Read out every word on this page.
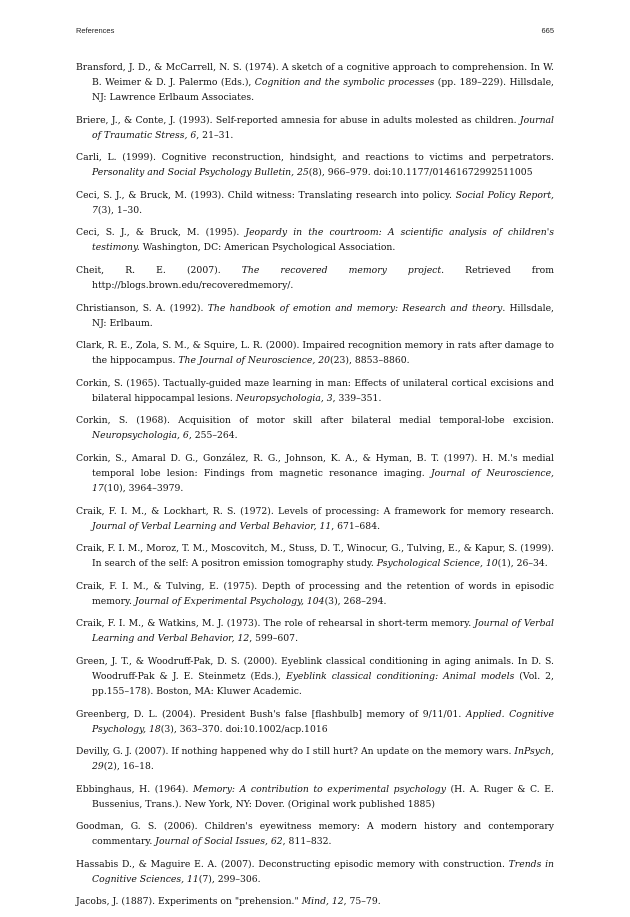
References	665
Bransford, J. D., & McCarrell, N. S. (1974). A sketch of a cognitive approach to comprehension. In W. B. Weimer & D. J. Palermo (Eds.), Cognition and the symbolic processes (pp. 189–229). Hillsdale, NJ: Lawrence Erlbaum Associates.
Briere, J., & Conte, J. (1993). Self-reported amnesia for abuse in adults molested as children. Journal of Traumatic Stress, 6, 21–31.
Carli, L. (1999). Cognitive reconstruction, hindsight, and reactions to victims and perpetrators. Personality and Social Psychology Bulletin, 25(8), 966–979. doi:10.1177/01461672992511005
Ceci, S. J., & Bruck, M. (1993). Child witness: Translating research into policy. Social Policy Report, 7(3), 1–30.
Ceci, S. J., & Bruck, M. (1995). Jeopardy in the courtroom: A scientific analysis of children's testimony. Washington, DC: American Psychological Association.
Cheit, R. E. (2007). The recovered memory project. Retrieved from http://blogs.brown.edu/recoveredmemory/.
Christianson, S. A. (1992). The handbook of emotion and memory: Research and theory. Hillsdale, NJ: Erlbaum.
Clark, R. E., Zola, S. M., & Squire, L. R. (2000). Impaired recognition memory in rats after damage to the hippocampus. The Journal of Neuroscience, 20(23), 8853–8860.
Corkin, S. (1965). Tactually-guided maze learning in man: Effects of unilateral cortical excisions and bilateral hippocampal lesions. Neuropsychologia, 3, 339–351.
Corkin, S. (1968). Acquisition of motor skill after bilateral medial temporal-lobe excision. Neuropsychologia, 6, 255–264.
Corkin, S., Amaral D. G., González, R. G., Johnson, K. A., & Hyman, B. T. (1997). H. M.'s medial temporal lobe lesion: Findings from magnetic resonance imaging. Journal of Neuroscience, 17(10), 3964–3979.
Craik, F. I. M., & Lockhart, R. S. (1972). Levels of processing: A framework for memory research. Journal of Verbal Learning and Verbal Behavior, 11, 671–684.
Craik, F. I. M., Moroz, T. M., Moscovitch, M., Stuss, D. T., Winocur, G., Tulving, E., & Kapur, S. (1999). In search of the self: A positron emission tomography study. Psychological Science, 10(1), 26–34.
Craik, F. I. M., & Tulving, E. (1975). Depth of processing and the retention of words in episodic memory. Journal of Experimental Psychology, 104(3), 268–294.
Craik, F. I. M., & Watkins, M. J. (1973). The role of rehearsal in short-term memory. Journal of Verbal Learning and Verbal Behavior, 12, 599–607.
Green, J. T., & Woodruff-Pak, D. S. (2000). Eyeblink classical conditioning in aging animals. In D. S. Woodruff-Pak & J. E. Steinmetz (Eds.), Eyeblink classical conditioning: Animal models (Vol. 2, pp.155–178). Boston, MA: Kluwer Academic.
Greenberg, D. L. (2004). President Bush's false [flashbulb] memory of 9/11/01. Applied. Cognitive Psychology, 18(3), 363–370. doi:10.1002/acp.1016
Devilly, G. J. (2007). If nothing happened why do I still hurt? An update on the memory wars. InPsych, 29(2), 16–18.
Ebbinghaus, H. (1964). Memory: A contribution to experimental psychology (H. A. Ruger & C. E. Bussenius, Trans.). New York, NY: Dover. (Original work published 1885)
Goodman, G. S. (2006). Children's eyewitness memory: A modern history and contemporary commentary. Journal of Social Issues, 62, 811–832.
Hassabis D., & Maguire E. A. (2007). Deconstructing episodic memory with construction. Trends in Cognitive Sciences, 11(7), 299–306.
Jacobs, J. (1887). Experiments on "prehension." Mind, 12, 75–79.
